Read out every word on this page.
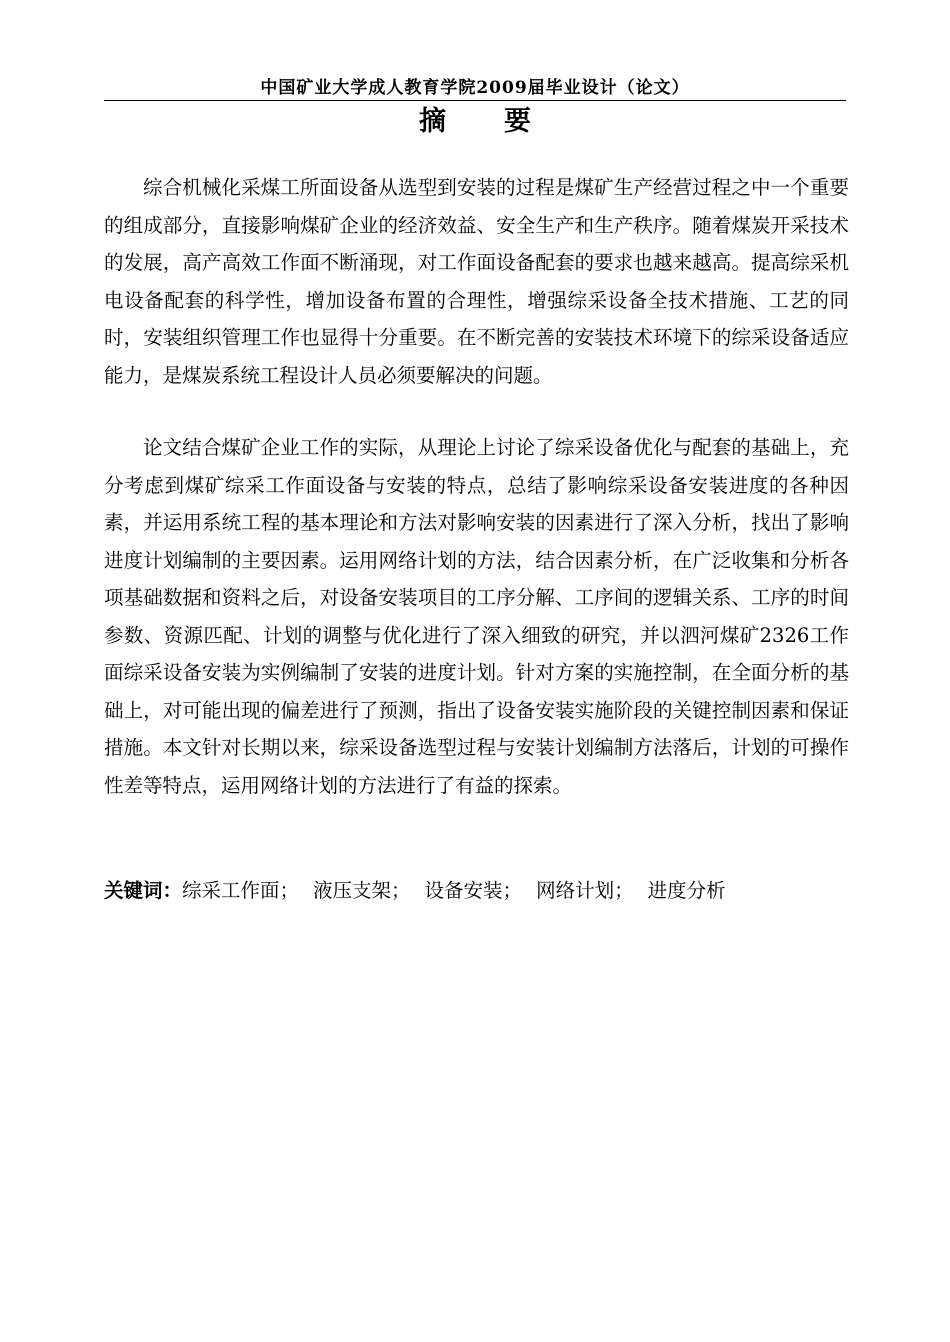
中国矿业大学成人教育学院2009届毕业设计（论文）
摘 要

综合机械化采煤工所面设备从选型到安装的过程是煤矿生产经营过程之中一个重要的组成部分，直接影响煤矿企业的经济效益、安全生产和生产秩序。随着煤炭开采技术的发展，高产高效工作面不断涌现，对工作面设备配套的要求也越来越高。提高综采机电设备配套的科学性，增加设备布置的合理性，增强综采设备全技术措施、工艺的同时，安装组织管理工作也显得十分重要。在不断完善的安装技术环境下的综采设备适应能力，是煤炭系统工程设计人员必须要解决的问题。

论文结合煤矿企业工作的实际，从理论上讨论了综采设备优化与配套的基础上，充分考虑到煤矿综采工作面设备与安装的特点，总结了影响综采设备安装进度的各种因素，并运用系统工程的基本理论和方法对影响安装的因素进行了深入分析，找出了影响进度计划编制的主要因素。运用网络计划的方法，结合因素分析，在广泛收集和分析各项基础数据和资料之后，对设备安装项目的工序分解、工序间的逻辑关系、工序的时间参数、资源匹配、计划的调整与优化进行了深入细致的研究，并以泗河煤矿2326工作面综采设备安装为实例编制了安装的进度计划。针对方案的实施控制，在全面分析的基础上，对可能出现的偏差进行了预测，指出了设备安装实施阶段的关键控制因素和保证措施。本文针对长期以来，综采设备选型过程与安装计划编制方法落后，计划的可操作性差等特点，运用网络计划的方法进行了有益的探索。

关键词：综采工作面； 液压支架； 设备安装； 网络计划； 进度分析
